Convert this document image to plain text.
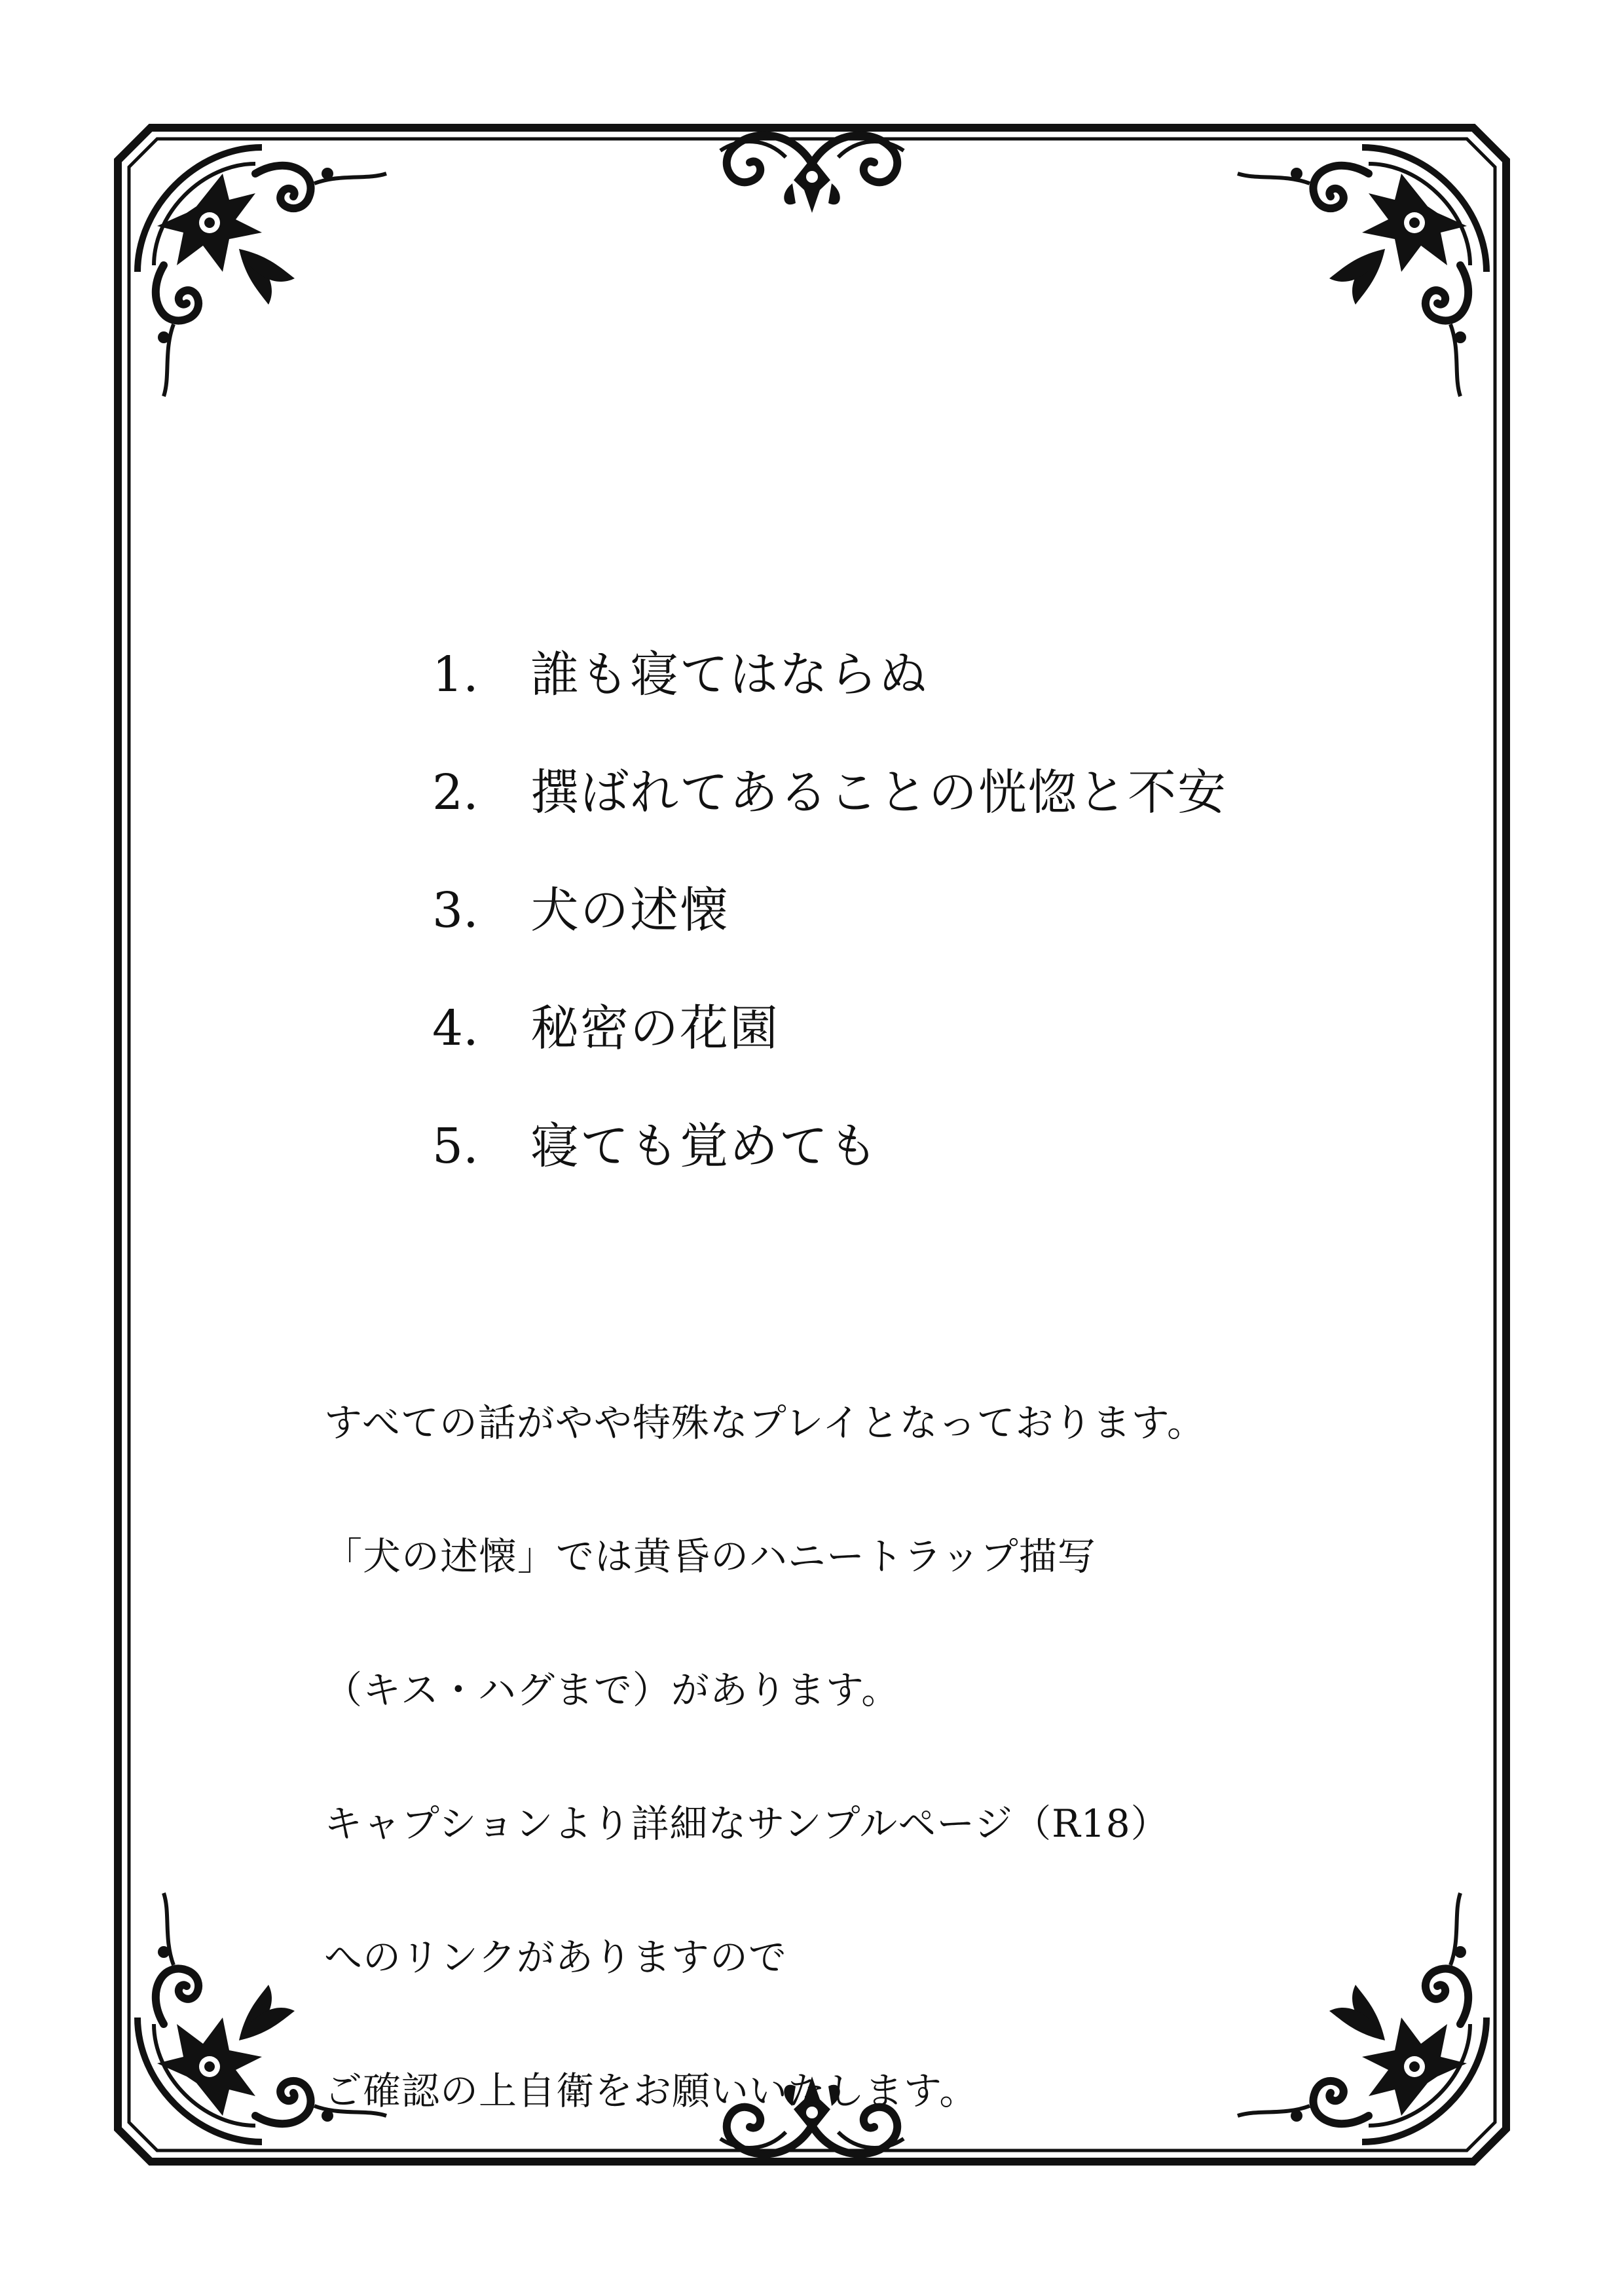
1.	誰も寝てはならぬ
2.	撰ばれてあることの恍惚と不安
3.	犬の述懐
4.	秘密の花園
5.	寝ても覚めても
すべての話がやや特殊なプレイとなっております。
「犬の述懐」では黄昏のハニートラップ描写
（キス・ハグまで）があります。
キャプションより詳細なサンプルページ（R18）
へのリンクがありますので
ご確認の上自衛をお願いいたします。
